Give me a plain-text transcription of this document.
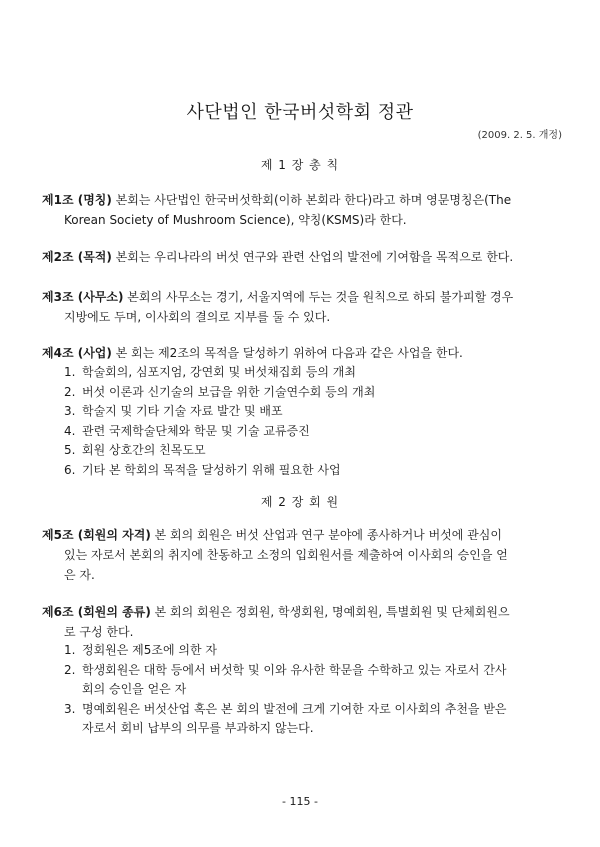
사단법인 한국버섯학회 정관
(2009. 2. 5. 개정)
제 1 장 총 칙
제1조 (명칭) 본회는 사단법인 한국버섯학회(이하 본회라 한다)라고 하며 영문명칭은(The
Korean Society of Mushroom Science), 약칭(KSMS)라 한다.
제2조 (목적) 본회는 우리나라의 버섯 연구와 관련 산업의 발전에 기여함을 목적으로 한다.
제3조 (사무소) 본회의 사무소는 경기, 서울지역에 두는 것을 원칙으로 하되 불가피할 경우
지방에도 두며, 이사회의 결의로 지부를 둘 수 있다.
제4조 (사업) 본 회는 제2조의 목적을 달성하기 위하여 다음과 같은 사업을 한다.
1. 학술회의, 심포지엄, 강연회 및 버섯채집회 등의 개최
2. 버섯 이론과 신기술의 보급을 위한 기술연수회 등의 개최
3. 학술지 및 기타 기술 자료 발간 및 배포
4. 관련 국제학술단체와 학문 및 기술 교류증진
5. 회원 상호간의 친목도모
6. 기타 본 학회의 목적을 달성하기 위해 필요한 사업
제 2 장 회 원
제5조 (회원의 자격) 본 회의 회원은 버섯 산업과 연구 분야에 종사하거나 버섯에 관심이
있는 자로서 본회의 취지에 찬동하고 소정의 입회원서를 제출하여 이사회의 승인을 얻
은 자.
제6조 (회원의 종류) 본 회의 회원은 정회원, 학생회원, 명예회원, 특별회원 및 단체회원으
로 구성 한다.
1. 정회원은 제5조에 의한 자
2. 학생회원은 대학 등에서 버섯학 및 이와 유사한 학문을 수학하고 있는 자로서 간사
회의 승인을 얻은 자
3. 명예회원은 버섯산업 혹은 본 회의 발전에 크게 기여한 자로 이사회의 추천을 받은
자로서 회비 납부의 의무를 부과하지 않는다.
- 115 -
